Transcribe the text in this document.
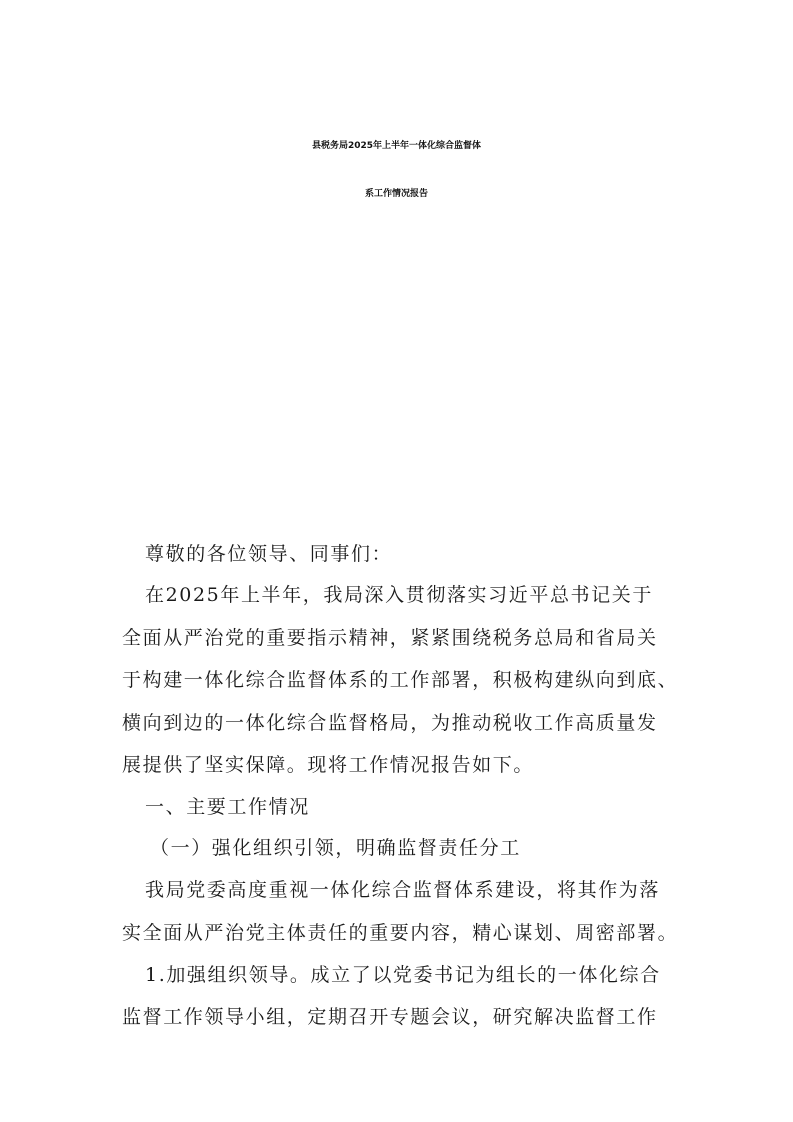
县税务局2025年上半年一体化综合监督体
系工作情况报告

尊敬的各位领导、同事们：

在2025年上半年，我局深入贯彻落实习近平总书记关于

全面从严治党的重要指示精神，紧紧围绕税务总局和省局关

于构建一体化综合监督体系的工作部署，积极构建纵向到底、

横向到边的一体化综合监督格局，为推动税收工作高质量发

展提供了坚实保障。现将工作情况报告如下。

一、主要工作情况

（一）强化组织引领，明确监督责任分工

我局党委高度重视一体化综合监督体系建设，将其作为落

实全面从严治党主体责任的重要内容，精心谋划、周密部署。

1.加强组织领导。成立了以党委书记为组长的一体化综合

监督工作领导小组，定期召开专题会议，研究解决监督工作
